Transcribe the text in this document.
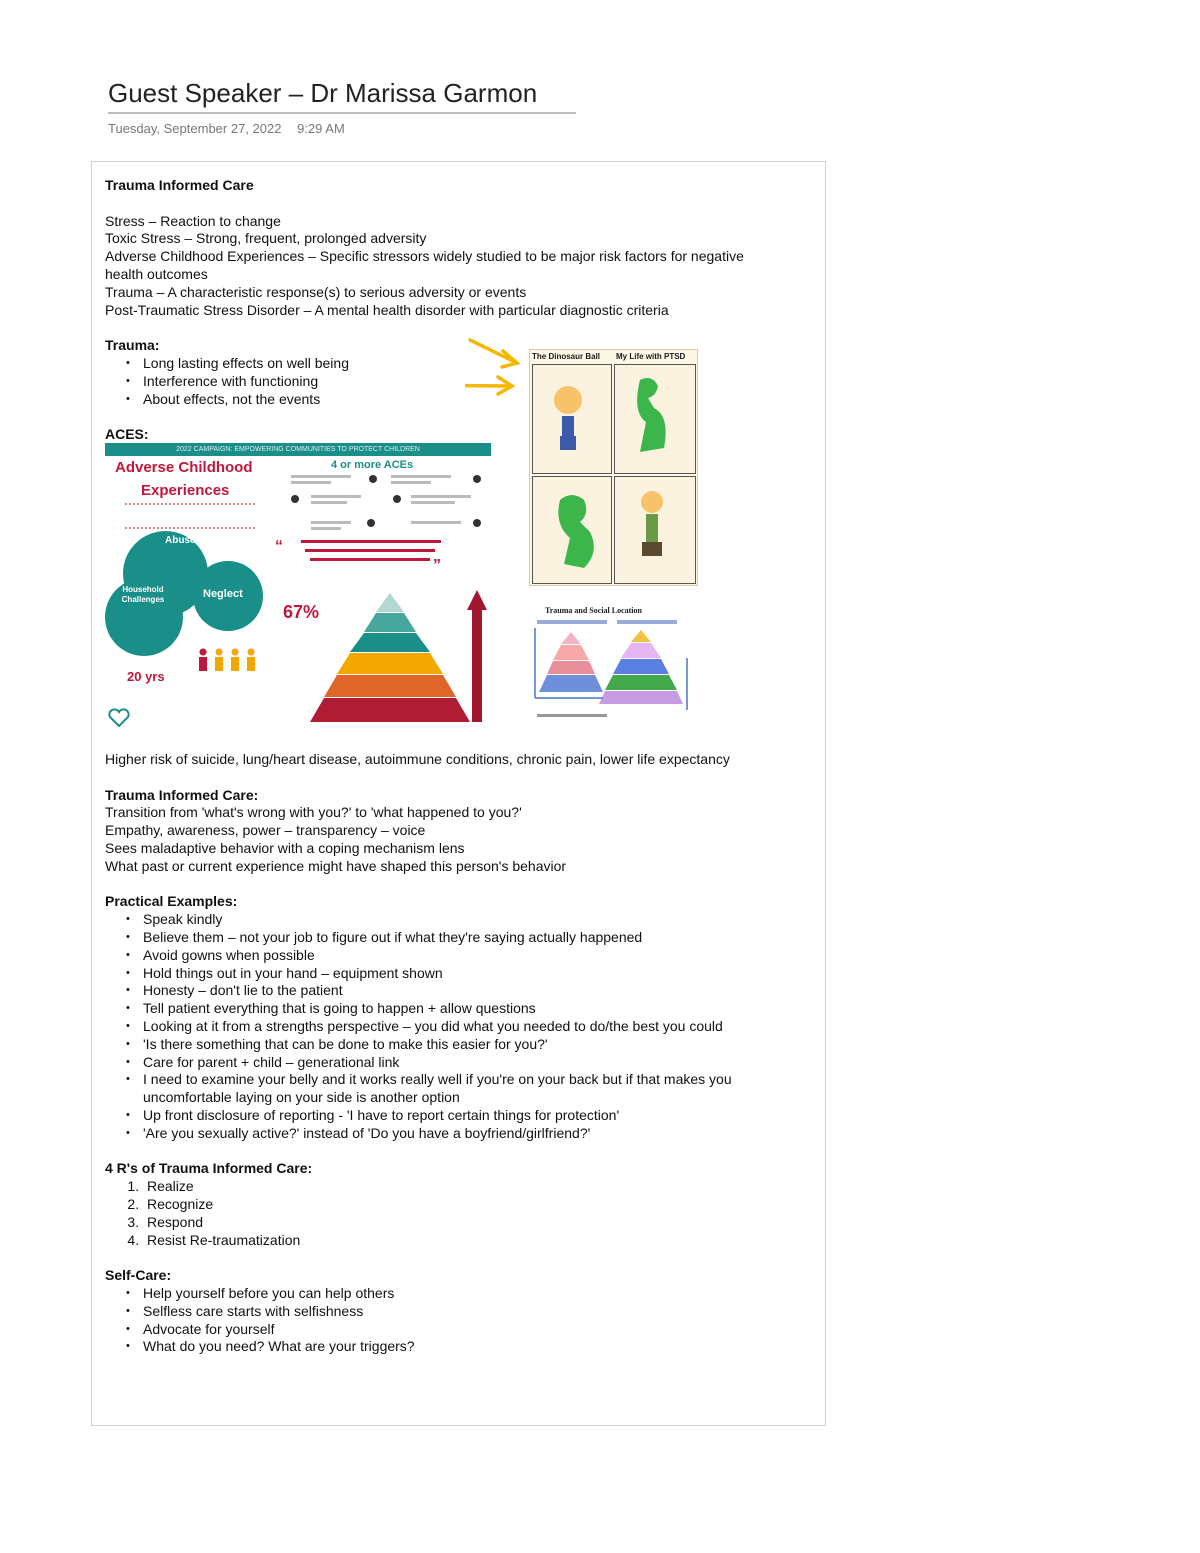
Guest Speaker – Dr Marissa Garmon
Tuesday, September 27, 2022 9:29 AM

Trauma Informed Care

Stress – Reaction to change

Toxic Stress – Strong, frequent, prolonged adversity

Adverse Childhood Experiences – Specific stressors widely studied to be major risk factors for negative

health outcomes

Trauma – A characteristic response(s) to serious adversity or events

Post-Traumatic Stress Disorder – A mental health disorder with particular diagnostic criteria

Trauma:

• Long lasting effects on well being
• Interference with functioning
• About effects, not the events

ACES:

2022 CAMPAIGN: EMPOWERING COMMUNITIES TO PROTECT CHILDREN
Adverse Childhood
Experiences
4 or more ACEs
“
”
Abuse
Household Challenges	Neglect
67%
20 yrs
The Dinosaur Ball My Life with PTSD
Trauma and Social Location

Higher risk of suicide, lung/heart disease, autoimmune conditions, chronic pain, lower life expectancy

Trauma Informed Care:

Transition from 'what's wrong with you?' to 'what happened to you?'

Empathy, awareness, power – transparency – voice

Sees maladaptive behavior with a coping mechanism lens

What past or current experience might have shaped this person's behavior

Practical Examples:

• Speak kindly
• Believe them – not your job to figure out if what they're saying actually happened
• Avoid gowns when possible
• Hold things out in your hand – equipment shown
• Honesty – don't lie to the patient
• Tell patient everything that is going to happen + allow questions
• Looking at it from a strengths perspective – you did what you needed to do/the best you could
• 'Is there something that can be done to make this easier for you?'
• Care for parent + child – generational link
• I need to examine your belly and it works really well if you're on your back but if that makes you uncomfortable laying on your side is another option
• Up front disclosure of reporting - 'I have to report certain things for protection'
• 'Are you sexually active?' instead of 'Do you have a boyfriend/girlfriend?'

4 R's of Trauma Informed Care:

1. Realize
2. Recognize
3. Respond
4. Resist Re-traumatization

Self-Care:

• Help yourself before you can help others
• Selfless care starts with selfishness
• Advocate for yourself
• What do you need? What are your triggers?
